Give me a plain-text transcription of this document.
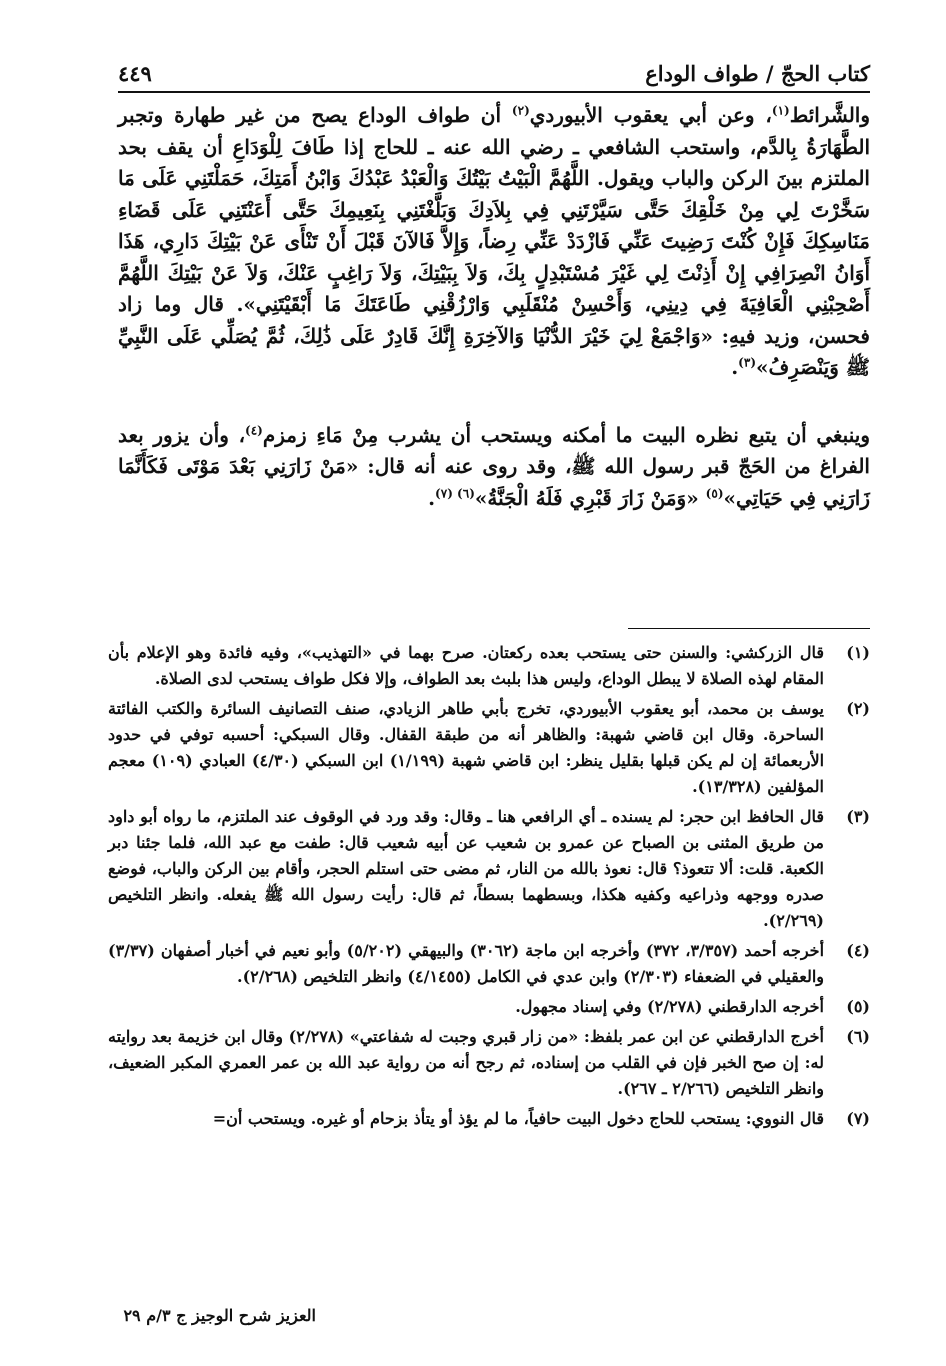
كتاب الحجّ / طواف الوداع
٤٤٩

والشَّرائط$^{(١)}$، وعن أبي يعقوب الأبيوردي$^{(٢)}$ أن طواف الوداع يصح من غير طهارة وتجبر الطَّهَارَةُ بِالدَّم، واستحب الشافعي ـ رضي الله عنه ـ للحاج إذا طَافَ لِلْوَدَاعِ أن يقف بحد الملتزم بينَ الركن والباب ويقول. اللَّهُمَّ الْبَيْتُ بَيْتُكَ وَالْعَبْدُ عَبْدُكَ وَابْنُ أَمَتِكَ، حَمَلْتَنِي عَلَى مَا سَخَّرْتَ لِي مِنْ خَلْقِكَ حَتَّى سَيَّرْتَنِي فِي بِلاَدِكَ وَبَلَّغْتَنِي بِنَعِيمِكَ حَتَّى أَعَنْتَنِي عَلَى قَضَاءِ مَنَاسِكِكَ فَإِنْ كُنْتَ رَضِيتَ عَنِّي فَازْدَدْ عَنِّي رِضاً، وَإِلاَّ فَالآنَ قَبْلَ أَنْ تَنْأَى عَنْ بَيْتِكَ دَارِي، هَذَا أَوَانُ انْصِرَافِي إِنْ أَذِنْتَ لِي غَيْرَ مُسْتَبْدِلٍ بِكَ، وَلاَ بِبَيْتِكَ، وَلاَ رَاغِبٍ عَنْكَ، وَلاَ عَنْ بَيْتِكَ اللَّهُمَّ أَصْحِبْنِي الْعَافِيَةَ فِي دِينِي، وَأَحْسِنْ مُنْقَلَبِي وَارْزُقْنِي طَاعَتَكَ مَا أَبْقَيْتَنِي». قال وما زاد فحسن، وزيد فيهِ: «وَاجْمَعْ لِيَ خَيْرَ الدُّنْيَا وَالآخِرَةِ إِنَّكَ قَادِرٌ عَلَى ذَٰلِكَ، ثُمَّ يُصَلِّي عَلَى النَّبِيِّ ﷺ وَيَنْصَرِفُ»$^{(٣)}$.

وينبغي أن يتبع نظره البيت ما أمكنه ويستحب أن يشرب مِنْ مَاءِ زمزم$^{(٤)}$، وأن يزور بعد الفراغ من الحَجّ قبر رسول الله ﷺ، وقد روى عنه أنه قال: «مَنْ زَارَنِي بَعْدَ مَوْتَى فَكَأَنَّمَا زَارَنِي فِي حَيَاتِي»$^{(٥)}$ «وَمَنْ زَارَ قَبْرِي فَلَهُ الْجَنَّةُ»$^{(٦)}$ $^{(٧)}$.

(١)
قال الزركشي: والسنن حتى يستحب بعده ركعتان. صرح بهما في «التهذيب»، وفيه فائدة وهو الإعلام بأن المقام لهذه الصلاة لا يبطل الوداع، وليس هذا بلبث بعد الطواف، وإلا فكل طواف يستحب لدى الصلاة.
(٢)
يوسف بن محمد، أبو يعقوب الأبيوردي، تخرج بأبي طاهر الزيادي، صنف التصانيف السائرة والكتب الفائتة الساحرة. وقال ابن قاضي شهبة: والظاهر أنه من طبقة القفال. وقال السبكي: أحسبه توفي في حدود الأربعمائة إن لم يكن قبلها بقليل ينظر: ابن قاضي شهبة (١/١٩٩) ابن السبكي (٤/٣٠) العبادي (١٠٩) معجم المؤلفين (١٣/٣٢٨).
(٣)
قال الحافظ ابن حجر: لم يسنده ـ أي الرافعي هنا ـ وقال: وقد ورد في الوقوف عند الملتزم، ما رواه أبو داود من طريق المثنى بن الصباح عن عمرو بن شعيب عن أبيه شعيب قال: طفت مع عبد الله، فلما جئنا دبر الكعبة. قلت: ألا تتعوذ؟ قال: نعوذ بالله من النار، ثم مضى حتى استلم الحجر، وأقام بين الركن والباب، فوضع صدره ووجهه وذراعيه وكفيه هكذا، وبسطهما بسطاً، ثم قال: رأيت رسول الله ﷺ يفعله. وانظر التلخيص (٢/٢٦٩).
(٤)
أخرجه أحمد (٣/٣٥٧، ٣٧٢) وأخرجه ابن ماجة (٣٠٦٢) والبيهقي (٥/٢٠٢) وأبو نعيم في أخبار أصفهان (٣/٣٧) والعقيلي في الضعفاء (٢/٣٠٣) وابن عدي في الكامل (٤/١٤٥٥) وانظر التلخيص (٢/٢٦٨).
(٥)
أخرجه الدارقطني (٢/٢٧٨) وفي إسناد مجهول.
(٦)
أخرج الدارقطني عن ابن عمر بلفظ: «من زار قبري وجبت له شفاعتي» (٢/٢٧٨) وقال ابن خزيمة بعد روايته له: إن صح الخبر فإن في القلب من إسناده، ثم رجح أنه من رواية عبد الله بن عمر العمري المكبر الضعيف، وانظر التلخيص (٢/٢٦٦ ـ ٢٦٧).
(٧)
قال النووي: يستحب للحاج دخول البيت حافياً، ما لم يؤذ أو يتأذ بزحام أو غيره. ويستحب أن=
العزيز شرح الوجيز ج ٣/م ٢٩
